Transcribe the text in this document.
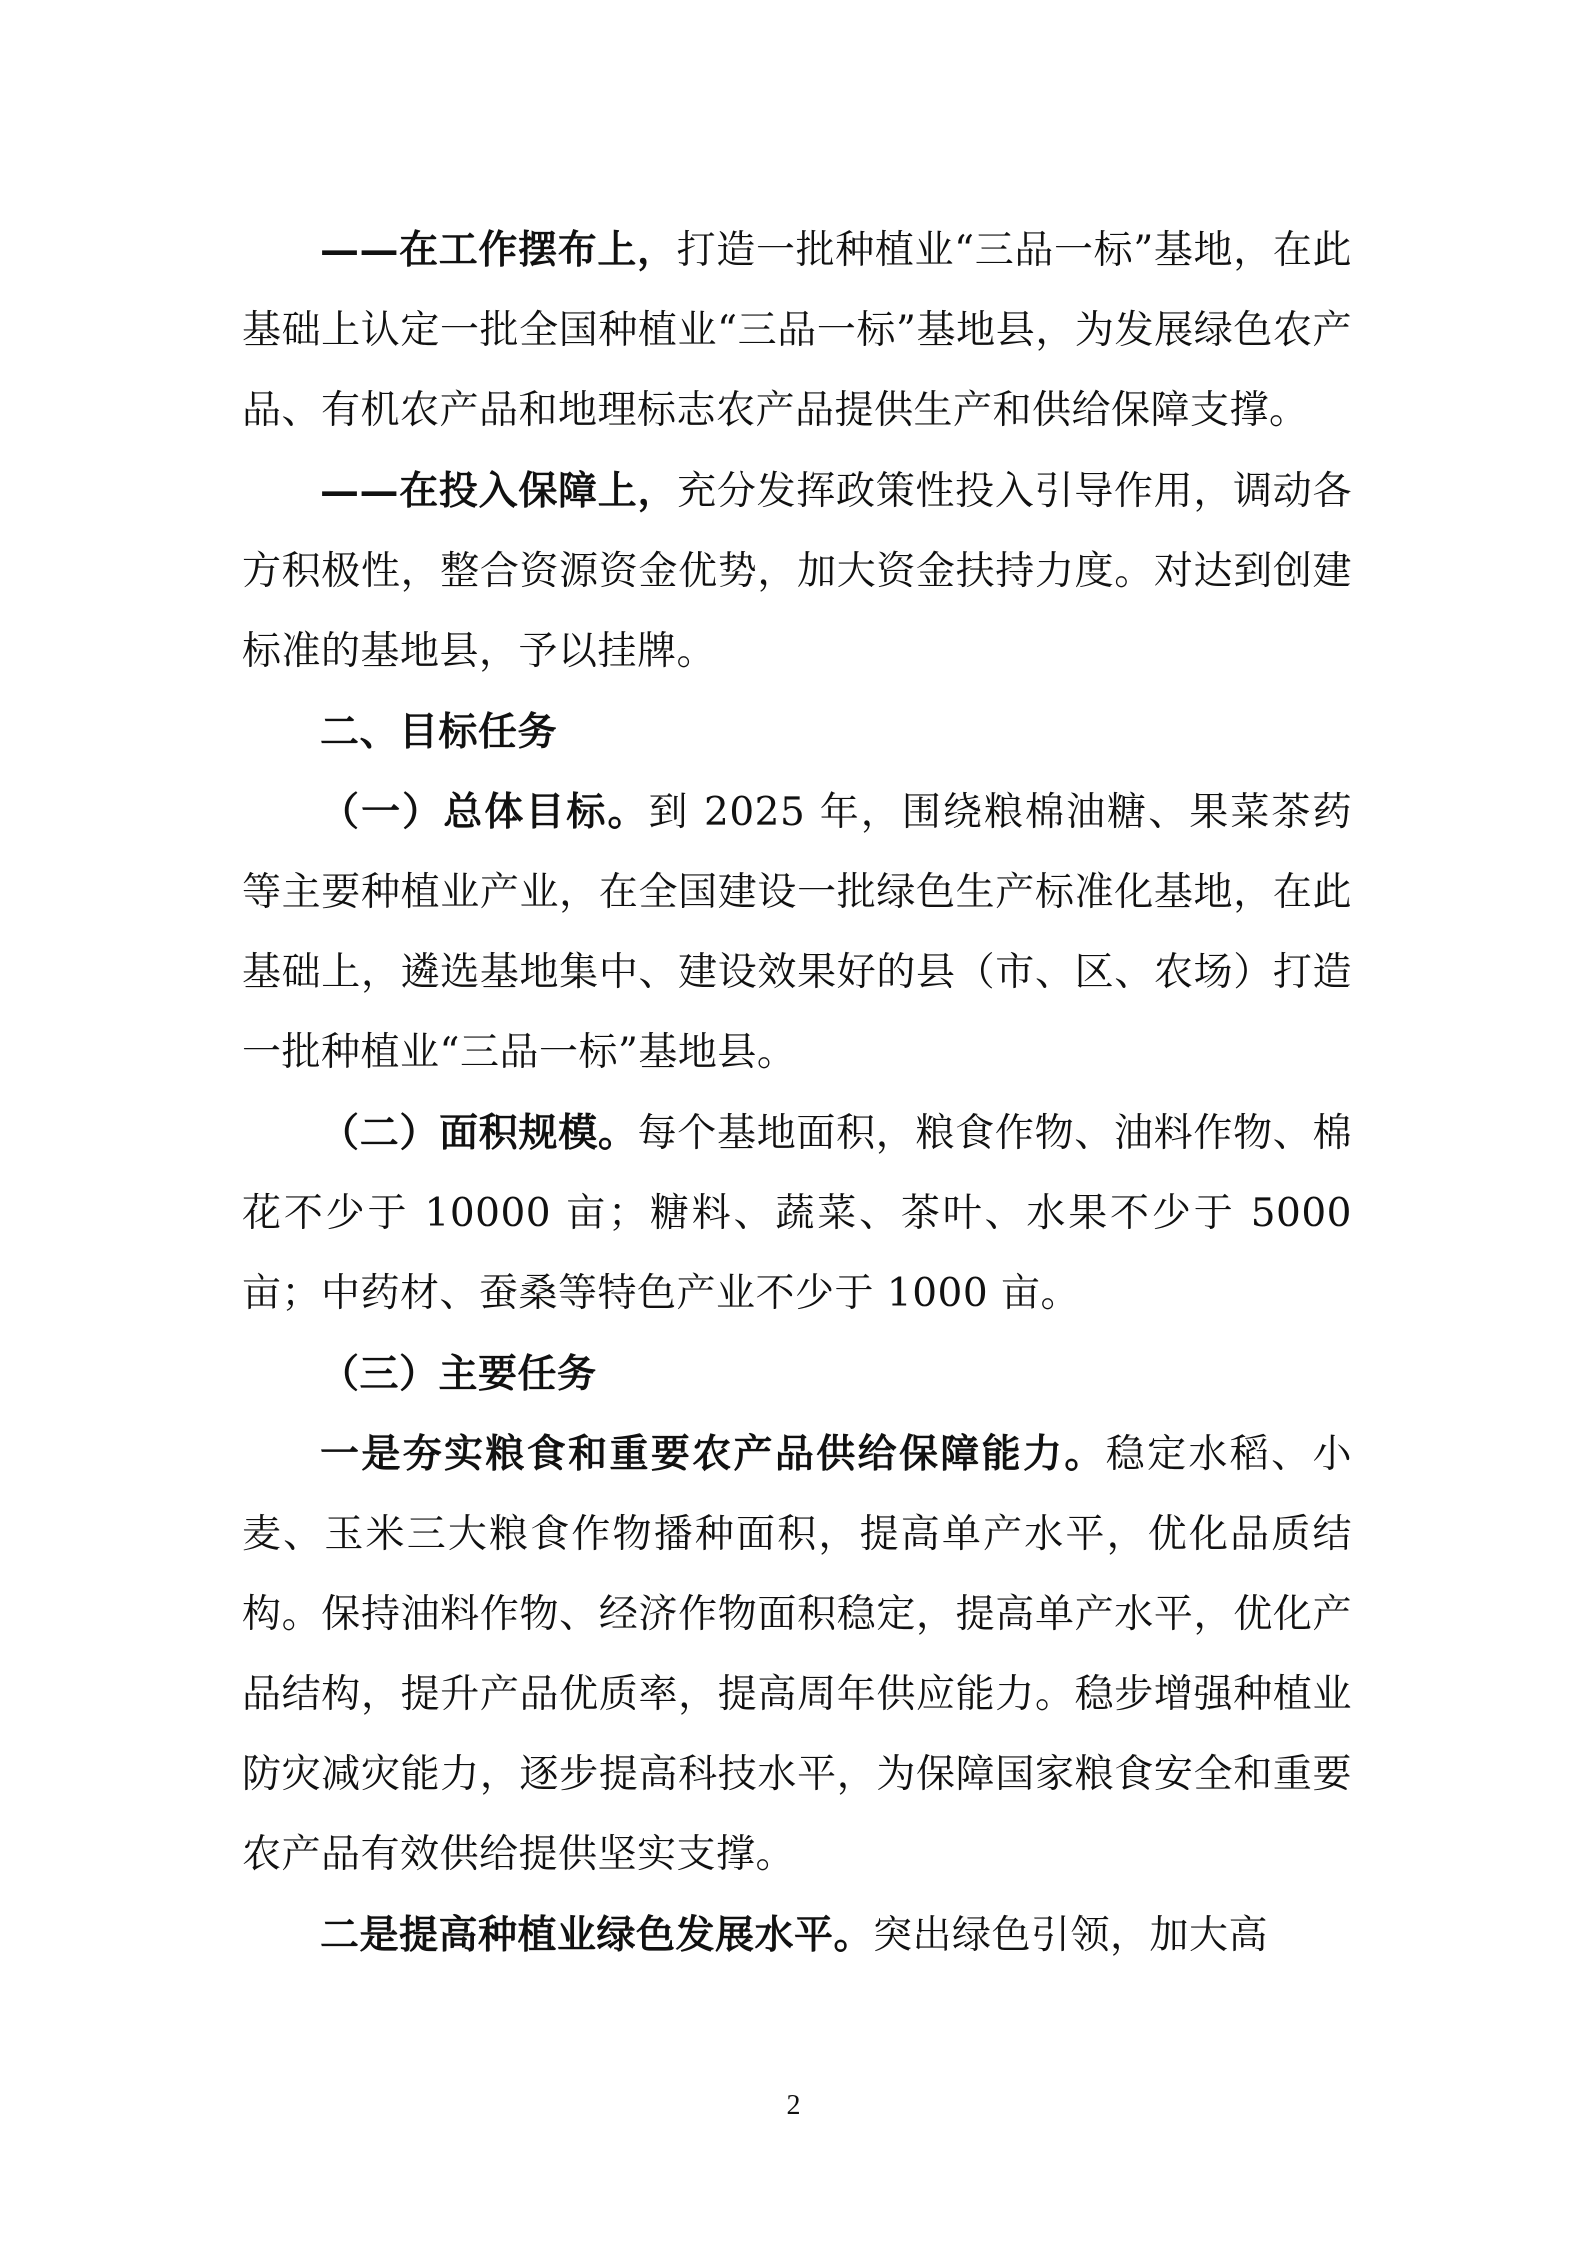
——在工作摆布上，打造一批种植业“三品一标”基地，在此基础上认定一批全国种植业“三品一标”基地县，为发展绿色农产品、有机农产品和地理标志农产品提供生产和供给保障支撑。

——在投入保障上，充分发挥政策性投入引导作用，调动各方积极性，整合资源资金优势，加大资金扶持力度。对达到创建标准的基地县，予以挂牌。

二、目标任务

（一）总体目标。到 2025 年，围绕粮棉油糖、果菜茶药等主要种植业产业，在全国建设一批绿色生产标准化基地，在此基础上，遴选基地集中、建设效果好的县（市、区、农场）打造一批种植业“三品一标”基地县。

（二）面积规模。每个基地面积，粮食作物、油料作物、棉花不少于 10000 亩；糖料、蔬菜、茶叶、水果不少于 5000 亩；中药材、蚕桑等特色产业不少于 1000 亩。

（三）主要任务

一是夯实粮食和重要农产品供给保障能力。稳定水稻、小麦、玉米三大粮食作物播种面积，提高单产水平，优化品质结构。保持油料作物、经济作物面积稳定，提高单产水平，优化产品结构，提升产品优质率，提高周年供应能力。稳步增强种植业防灾减灾能力，逐步提高科技水平，为保障国家粮食安全和重要农产品有效供给提供坚实支撑。

二是提高种植业绿色发展水平。突出绿色引领，加大高

2
